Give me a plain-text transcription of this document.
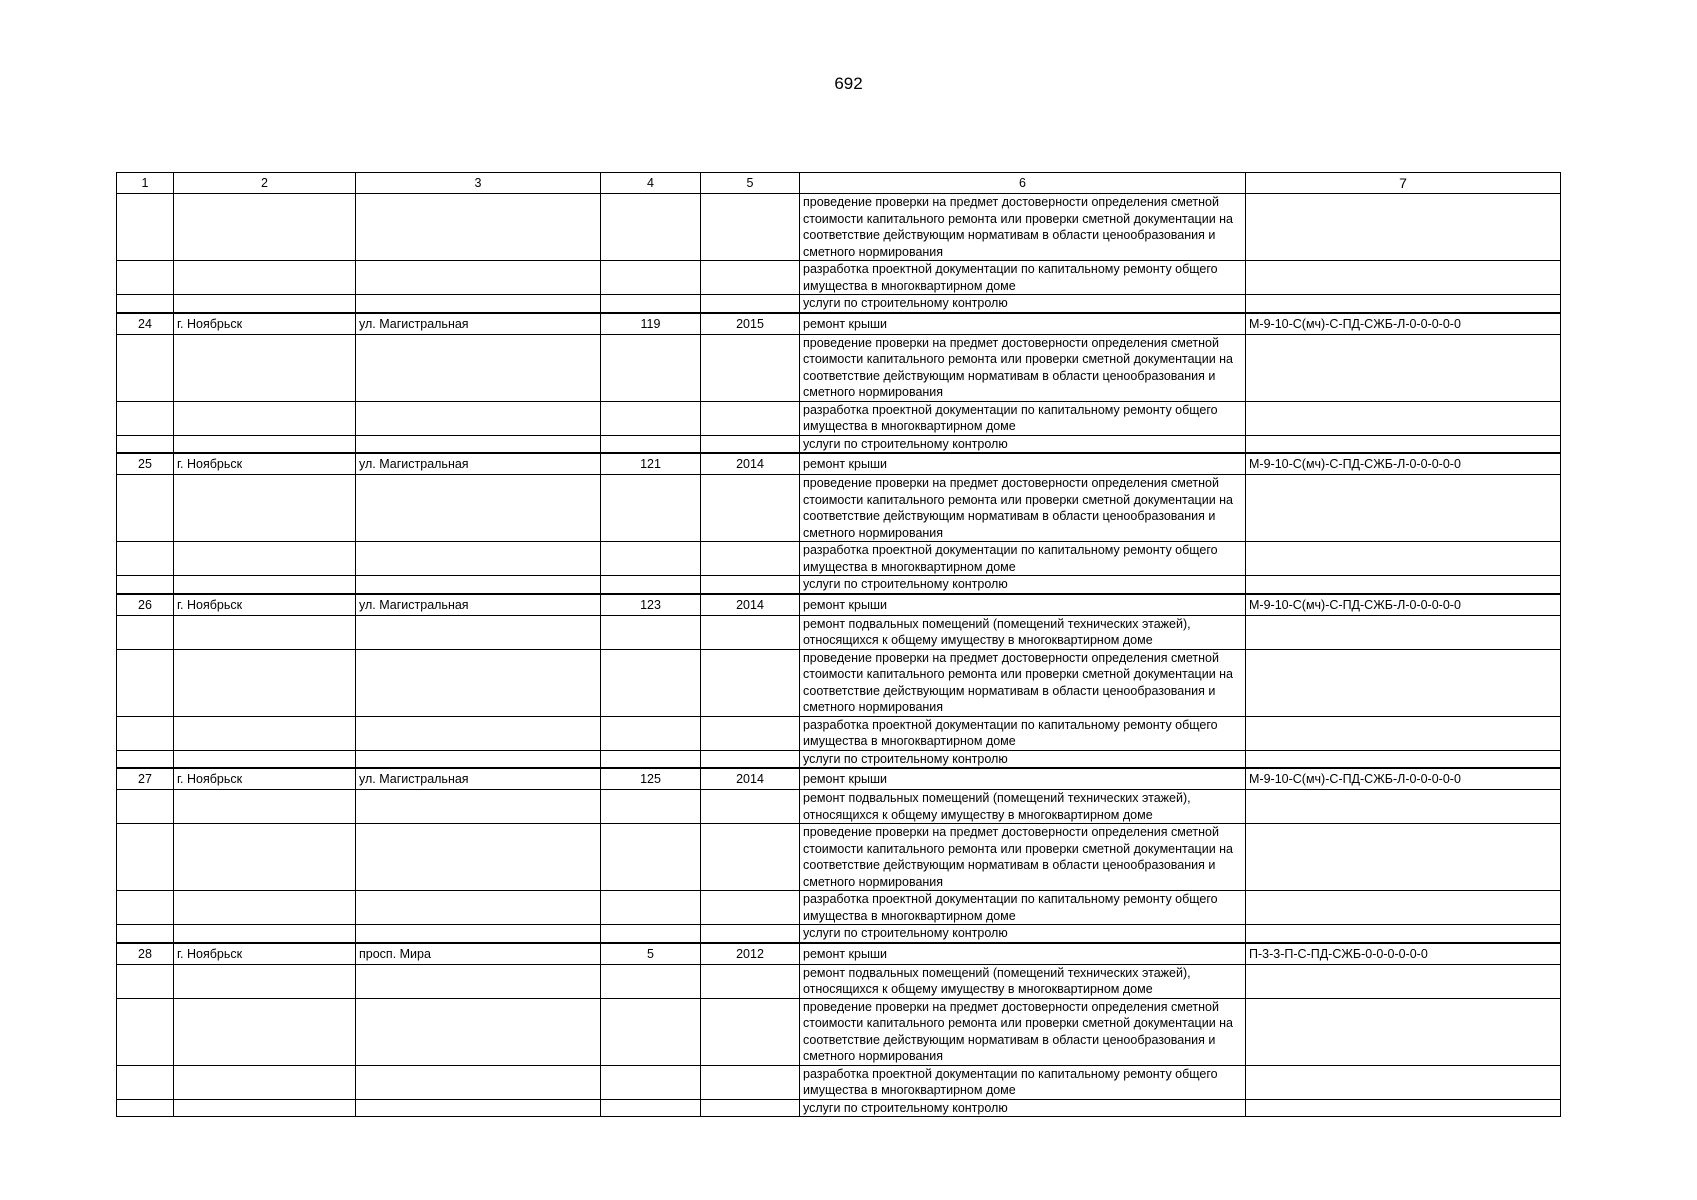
692
1	2	3	4	5	6	7
					проведение проверки на предмет достоверности определения сметной стоимости капитального ремонта или проверки сметной документации на соответствие действующим нормативам в области ценообразования и сметного нормирования	
					разработка проектной документации по капитальному ремонту общего имущества в многоквартирном доме	
					услуги по строительному контролю	
24	г. Ноябрьск	ул. Магистральная	119	2015	ремонт крыши	М-9-10-С(мч)-С-ПД-СЖБ-Л-0-0-0-0-0
					проведение проверки на предмет достоверности определения сметной стоимости капитального ремонта или проверки сметной документации на соответствие действующим нормативам в области ценообразования и сметного нормирования	
					разработка проектной документации по капитальному ремонту общего имущества в многоквартирном доме	
					услуги по строительному контролю	
25	г. Ноябрьск	ул. Магистральная	121	2014	ремонт крыши	М-9-10-С(мч)-С-ПД-СЖБ-Л-0-0-0-0-0
					проведение проверки на предмет достоверности определения сметной стоимости капитального ремонта или проверки сметной документации на соответствие действующим нормативам в области ценообразования и сметного нормирования	
					разработка проектной документации по капитальному ремонту общего имущества в многоквартирном доме	
					услуги по строительному контролю	
26	г. Ноябрьск	ул. Магистральная	123	2014	ремонт крыши	М-9-10-С(мч)-С-ПД-СЖБ-Л-0-0-0-0-0
					ремонт подвальных помещений (помещений технических этажей), относящихся к общему имуществу в многоквартирном доме	
					проведение проверки на предмет достоверности определения сметной стоимости капитального ремонта или проверки сметной документации на соответствие действующим нормативам в области ценообразования и сметного нормирования	
					разработка проектной документации по капитальному ремонту общего имущества в многоквартирном доме	
					услуги по строительному контролю	
27	г. Ноябрьск	ул. Магистральная	125	2014	ремонт крыши	М-9-10-С(мч)-С-ПД-СЖБ-Л-0-0-0-0-0
					ремонт подвальных помещений (помещений технических этажей), относящихся к общему имуществу в многоквартирном доме	
					проведение проверки на предмет достоверности определения сметной стоимости капитального ремонта или проверки сметной документации на соответствие действующим нормативам в области ценообразования и сметного нормирования	
					разработка проектной документации по капитальному ремонту общего имущества в многоквартирном доме	
					услуги по строительному контролю	
28	г. Ноябрьск	просп. Мира	5	2012	ремонт крыши	П-3-3-П-С-ПД-СЖБ-0-0-0-0-0-0
					ремонт подвальных помещений (помещений технических этажей), относящихся к общему имуществу в многоквартирном доме	
					проведение проверки на предмет достоверности определения сметной стоимости капитального ремонта или проверки сметной документации на соответствие действующим нормативам в области ценообразования и сметного нормирования	
					разработка проектной документации по капитальному ремонту общего имущества в многоквартирном доме	
					услуги по строительному контролю	
